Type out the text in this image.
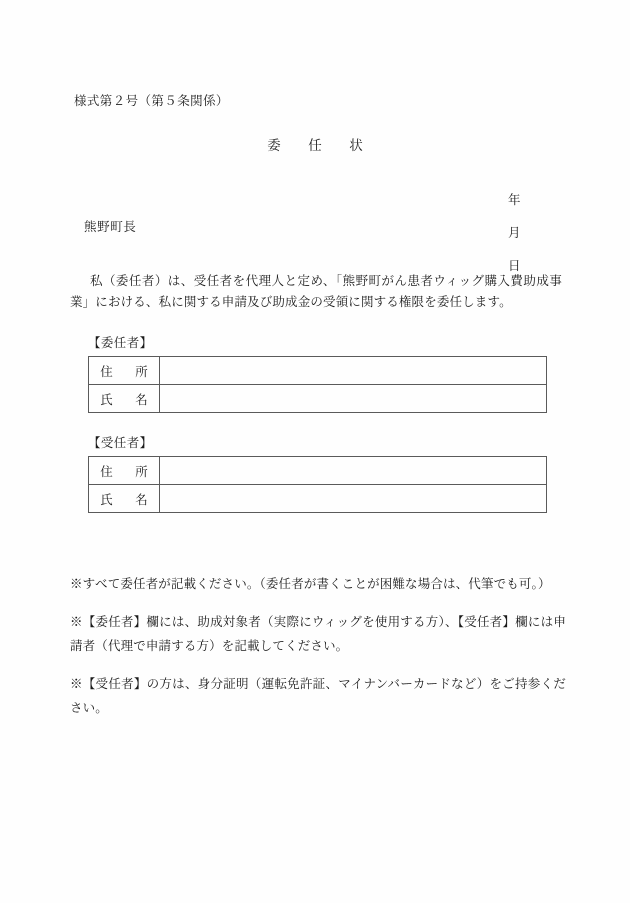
様式第２号（第５条関係）
委　任　状

年

月

日

熊野町長

私（委任者）は、受任者を代理人と定め、「熊野町がん患者ウィッグ購入費助成事業」における、私に関する申請及び助成金の受領に関する権限を委任します。

【委任者】
住　所	
氏　名	
【受任者】
住　所	
氏　名	

※すべて委任者が記載ください。（委任者が書くことが困難な場合は、代筆でも可。）

※【委任者】欄には、助成対象者（実際にウィッグを使用する方）、【受任者】欄には申請者（代理で申請する方）を記載してください。

※【受任者】の方は、身分証明（運転免許証、マイナンバーカードなど）をご持参ください。
